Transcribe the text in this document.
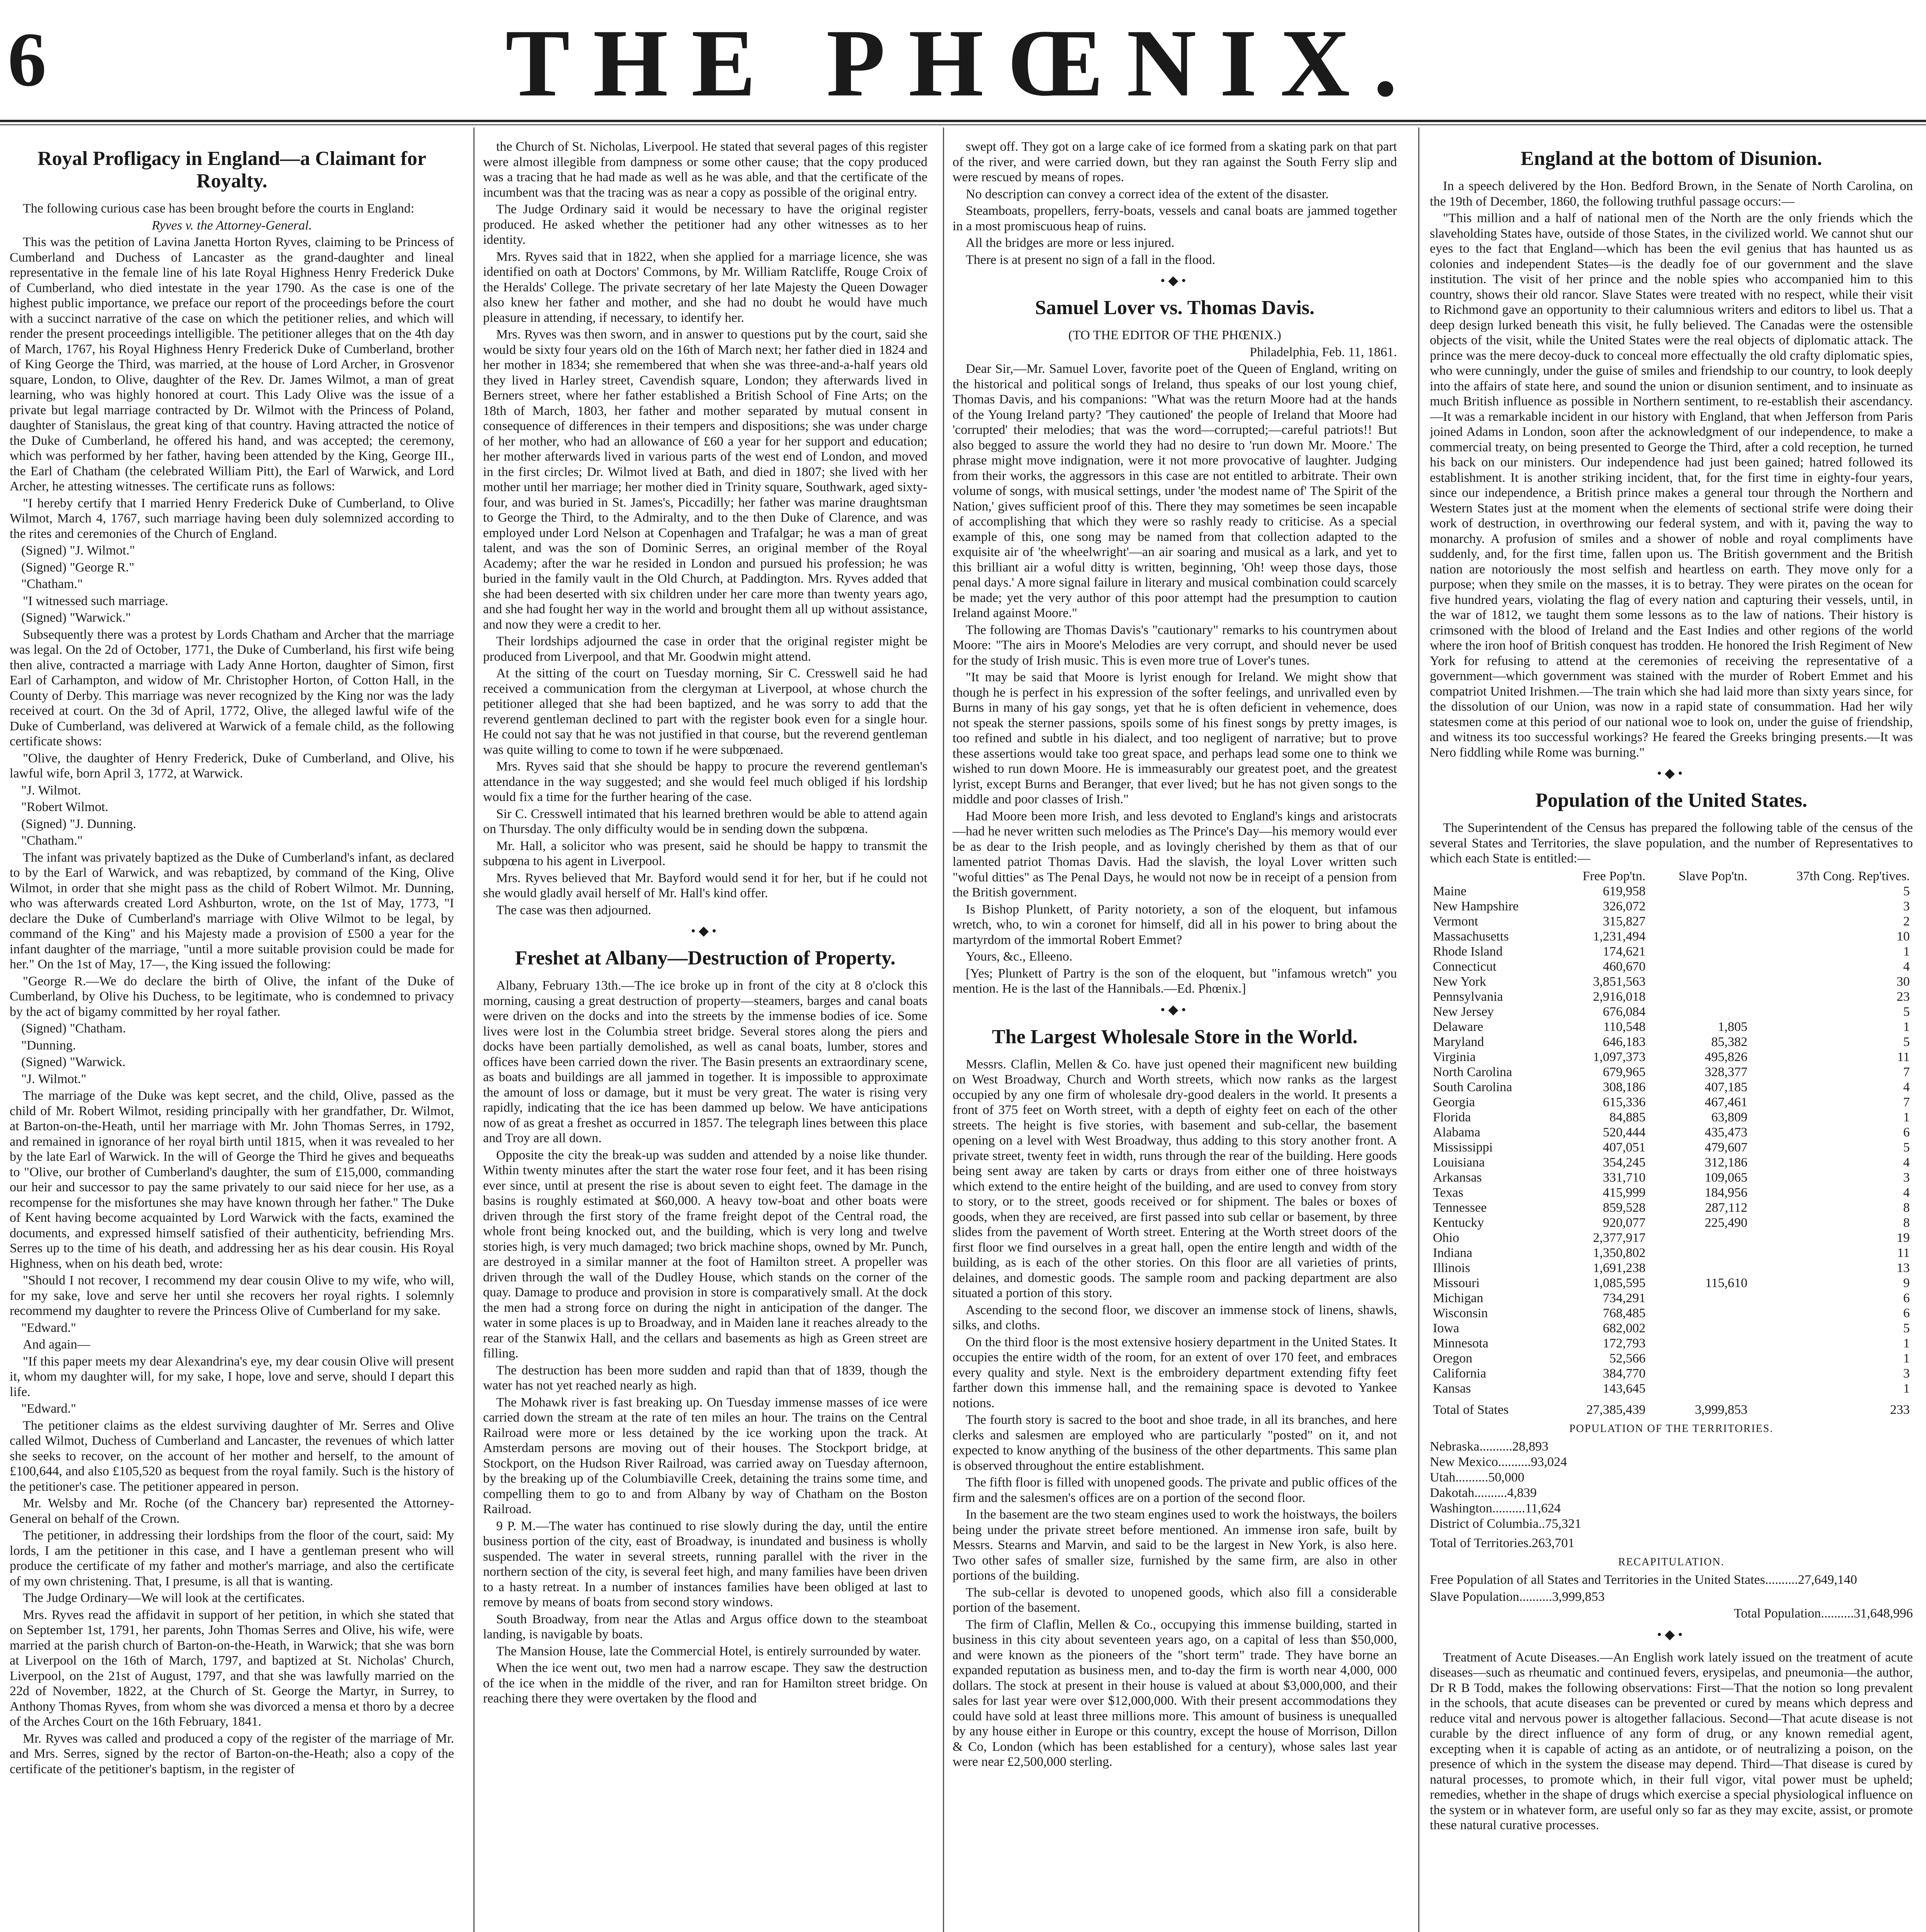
6	THE PHŒNIX.
Royal Profligacy in England—a Claimant for Royalty.

The following curious case has been brought before the courts in England:

Ryves v. the Attorney-General.

This was the petition of Lavina Janetta Horton Ryves, claiming to be Princess of Cumberland and Duchess of Lancaster as the grand-daughter and lineal representative in the female line of his late Royal Highness Henry Frederick Duke of Cumberland, who died intestate in the year 1790. As the case is one of the highest public importance, we preface our report of the proceedings before the court with a succinct narrative of the case on which the petitioner relies, and which will render the present proceedings intelligible. The petitioner alleges that on the 4th day of March, 1767, his Royal Highness Henry Frederick Duke of Cumberland, brother of King George the Third, was married, at the house of Lord Archer, in Grosvenor square, London, to Olive, daughter of the Rev. Dr. James Wilmot, a man of great learning, who was highly honored at court. This Lady Olive was the issue of a private but legal marriage contracted by Dr. Wilmot with the Princess of Poland, daughter of Stanislaus, the great king of that country. Having attracted the notice of the Duke of Cumberland, he offered his hand, and was accepted; the ceremony, which was performed by her father, having been attended by the King, George III., the Earl of Chatham (the celebrated William Pitt), the Earl of Warwick, and Lord Archer, he attesting witnesses. The certificate runs as follows:

"I hereby certify that I married Henry Frederick Duke of Cumberland, to Olive Wilmot, March 4, 1767, such marriage having been duly solemnized according to the rites and ceremonies of the Church of England.

(Signed) "J. Wilmot."

(Signed) "George R."

"Chatham."

"I witnessed such marriage.

(Signed) "Warwick."

Subsequently there was a protest by Lords Chatham and Archer that the marriage was legal. On the 2d of October, 1771, the Duke of Cumberland, his first wife being then alive, contracted a marriage with Lady Anne Horton, daughter of Simon, first Earl of Carhampton, and widow of Mr. Christopher Horton, of Cotton Hall, in the County of Derby. This marriage was never recognized by the King nor was the lady received at court. On the 3d of April, 1772, Olive, the alleged lawful wife of the Duke of Cumberland, was delivered at Warwick of a female child, as the following certificate shows:

"Olive, the daughter of Henry Frederick, Duke of Cumberland, and Olive, his lawful wife, born April 3, 1772, at Warwick.

"J. Wilmot.

"Robert Wilmot.

(Signed) "J. Dunning.

"Chatham."

The infant was privately baptized as the Duke of Cumberland's infant, as declared to by the Earl of Warwick, and was rebaptized, by command of the King, Olive Wilmot, in order that she might pass as the child of Robert Wilmot. Mr. Dunning, who was afterwards created Lord Ashburton, wrote, on the 1st of May, 1773, "I declare the Duke of Cumberland's marriage with Olive Wilmot to be legal, by command of the King" and his Majesty made a provision of £500 a year for the infant daughter of the marriage, "until a more suitable provision could be made for her." On the 1st of May, 17—, the King issued the following:

"George R.—We do declare the birth of Olive, the infant of the Duke of Cumberland, by Olive his Duchess, to be legitimate, who is condemned to privacy by the act of bigamy committed by her royal father.

(Signed) "Chatham.

"Dunning.

(Signed) "Warwick.

"J. Wilmot."

The marriage of the Duke was kept secret, and the child, Olive, passed as the child of Mr. Robert Wilmot, residing principally with her grandfather, Dr. Wilmot, at Barton-on-the-Heath, until her marriage with Mr. John Thomas Serres, in 1792, and remained in ignorance of her royal birth until 1815, when it was revealed to her by the late Earl of Warwick. In the will of George the Third he gives and bequeaths to "Olive, our brother of Cumberland's daughter, the sum of £15,000, commanding our heir and successor to pay the same privately to our said niece for her use, as a recompense for the misfortunes she may have known through her father." The Duke of Kent having become acquainted by Lord Warwick with the facts, examined the documents, and expressed himself satisfied of their authenticity, befriending Mrs. Serres up to the time of his death, and addressing her as his dear cousin. His Royal Highness, when on his death bed, wrote:

"Should I not recover, I recommend my dear cousin Olive to my wife, who will, for my sake, love and serve her until she recovers her royal rights. I solemnly recommend my daughter to revere the Princess Olive of Cumberland for my sake.

"Edward."

And again—

"If this paper meets my dear Alexandrina's eye, my dear cousin Olive will present it, whom my daughter will, for my sake, I hope, love and serve, should I depart this life.

"Edward."

The petitioner claims as the eldest surviving daughter of Mr. Serres and Olive called Wilmot, Duchess of Cumberland and Lancaster, the revenues of which latter she seeks to recover, on the account of her mother and herself, to the amount of £100,644, and also £105,520 as bequest from the royal family. Such is the history of the petitioner's case. The petitioner appeared in person.

Mr. Welsby and Mr. Roche (of the Chancery bar) represented the Attorney-General on behalf of the Crown.

The petitioner, in addressing their lordships from the floor of the court, said: My lords, I am the petitioner in this case, and I have a gentleman present who will produce the certificate of my father and mother's marriage, and also the certificate of my own christening. That, I presume, is all that is wanting.

The Judge Ordinary—We will look at the certificates.

Mrs. Ryves read the affidavit in support of her petition, in which she stated that on September 1st, 1791, her parents, John Thomas Serres and Olive, his wife, were married at the parish church of Barton-on-the-Heath, in Warwick; that she was born at Liverpool on the 16th of March, 1797, and baptized at St. Nicholas' Church, Liverpool, on the 21st of August, 1797, and that she was lawfully married on the 22d of November, 1822, at the Church of St. George the Martyr, in Surrey, to Anthony Thomas Ryves, from whom she was divorced a mensa et thoro by a decree of the Arches Court on the 16th February, 1841.

Mr. Ryves was called and produced a copy of the register of the marriage of Mr. and Mrs. Serres, signed by the rector of Barton-on-the-Heath; also a copy of the certificate of the petitioner's baptism, in the register of

the Church of St. Nicholas, Liverpool. He stated that several pages of this register were almost illegible from dampness or some other cause; that the copy produced was a tracing that he had made as well as he was able, and that the certificate of the incumbent was that the tracing was as near a copy as possible of the original entry.

The Judge Ordinary said it would be necessary to have the original register produced. He asked whether the petitioner had any other witnesses as to her identity.

Mrs. Ryves said that in 1822, when she applied for a marriage licence, she was identified on oath at Doctors' Commons, by Mr. William Ratcliffe, Rouge Croix of the Heralds' College. The private secretary of her late Majesty the Queen Dowager also knew her father and mother, and she had no doubt he would have much pleasure in attending, if necessary, to identify her.

Mrs. Ryves was then sworn, and in answer to questions put by the court, said she would be sixty four years old on the 16th of March next; her father died in 1824 and her mother in 1834; she remembered that when she was three-and-a-half years old they lived in Harley street, Cavendish square, London; they afterwards lived in Berners street, where her father established a British School of Fine Arts; on the 18th of March, 1803, her father and mother separated by mutual consent in consequence of differences in their tempers and dispositions; she was under charge of her mother, who had an allowance of £60 a year for her support and education; her mother afterwards lived in various parts of the west end of London, and moved in the first circles; Dr. Wilmot lived at Bath, and died in 1807; she lived with her mother until her marriage; her mother died in Trinity square, Southwark, aged sixty-four, and was buried in St. James's, Piccadilly; her father was marine draughtsman to George the Third, to the Admiralty, and to the then Duke of Clarence, and was employed under Lord Nelson at Copenhagen and Trafalgar; he was a man of great talent, and was the son of Dominic Serres, an original member of the Royal Academy; after the war he resided in London and pursued his profession; he was buried in the family vault in the Old Church, at Paddington. Mrs. Ryves added that she had been deserted with six children under her care more than twenty years ago, and she had fought her way in the world and brought them all up without assistance, and now they were a credit to her.

Their lordships adjourned the case in order that the original register might be produced from Liverpool, and that Mr. Goodwin might attend.

At the sitting of the court on Tuesday morning, Sir C. Cresswell said he had received a communication from the clergyman at Liverpool, at whose church the petitioner alleged that she had been baptized, and he was sorry to add that the reverend gentleman declined to part with the register book even for a single hour. He could not say that he was not justified in that course, but the reverend gentleman was quite willing to come to town if he were subpœnaed.

Mrs. Ryves said that she should be happy to procure the reverend gentleman's attendance in the way suggested; and she would feel much obliged if his lordship would fix a time for the further hearing of the case.

Sir C. Cresswell intimated that his learned brethren would be able to attend again on Thursday. The only difficulty would be in sending down the subpœna.

Mr. Hall, a solicitor who was present, said he should be happy to transmit the subpœna to his agent in Liverpool.

Mrs. Ryves believed that Mr. Bayford would send it for her, but if he could not she would gladly avail herself of Mr. Hall's kind offer.

The case was then adjourned.

•◆•
Freshet at Albany—Destruction of Property.

Albany, February 13th.—The ice broke up in front of the city at 8 o'clock this morning, causing a great destruction of property—steamers, barges and canal boats were driven on the docks and into the streets by the immense bodies of ice. Some lives were lost in the Columbia street bridge. Several stores along the piers and docks have been partially demolished, as well as canal boats, lumber, stores and offices have been carried down the river. The Basin presents an extraordinary scene, as boats and buildings are all jammed in together. It is impossible to approximate the amount of loss or damage, but it must be very great. The water is rising very rapidly, indicating that the ice has been dammed up below. We have anticipations now of as great a freshet as occurred in 1857. The telegraph lines between this place and Troy are all down.

Opposite the city the break-up was sudden and attended by a noise like thunder. Within twenty minutes after the start the water rose four feet, and it has been rising ever since, until at present the rise is about seven to eight feet. The damage in the basins is roughly estimated at $60,000. A heavy tow-boat and other boats were driven through the first story of the frame freight depot of the Central road, the whole front being knocked out, and the building, which is very long and twelve stories high, is very much damaged; two brick machine shops, owned by Mr. Punch, are destroyed in a similar manner at the foot of Hamilton street. A propeller was driven through the wall of the Dudley House, which stands on the corner of the quay. Damage to produce and provision in store is comparatively small. At the dock the men had a strong force on during the night in anticipation of the danger. The water in some places is up to Broadway, and in Maiden lane it reaches already to the rear of the Stanwix Hall, and the cellars and basements as high as Green street are filling.

The destruction has been more sudden and rapid than that of 1839, though the water has not yet reached nearly as high.

The Mohawk river is fast breaking up. On Tuesday immense masses of ice were carried down the stream at the rate of ten miles an hour. The trains on the Central Railroad were more or less detained by the ice working upon the track. At Amsterdam persons are moving out of their houses. The Stockport bridge, at Stockport, on the Hudson River Railroad, was carried away on Tuesday afternoon, by the breaking up of the Columbiaville Creek, detaining the trains some time, and compelling them to go to and from Albany by way of Chatham on the Boston Railroad.

9 P. M.—The water has continued to rise slowly during the day, until the entire business portion of the city, east of Broadway, is inundated and business is wholly suspended. The water in several streets, running parallel with the river in the northern section of the city, is several feet high, and many families have been driven to a hasty retreat. In a number of instances families have been obliged at last to remove by means of boats from second story windows.

South Broadway, from near the Atlas and Argus office down to the steamboat landing, is navigable by boats.

The Mansion House, late the Commercial Hotel, is entirely surrounded by water.

When the ice went out, two men had a narrow escape. They saw the destruction of the ice when in the middle of the river, and ran for Hamilton street bridge. On reaching there they were overtaken by the flood and

swept off. They got on a large cake of ice formed from a skating park on that part of the river, and were carried down, but they ran against the South Ferry slip and were rescued by means of ropes.

No description can convey a correct idea of the extent of the disaster.

Steamboats, propellers, ferry-boats, vessels and canal boats are jammed together in a most promiscuous heap of ruins.

All the bridges are more or less injured.

There is at present no sign of a fall in the flood.

•◆•
Samuel Lover vs. Thomas Davis.

(TO THE EDITOR OF THE PHŒNIX.)

Philadelphia, Feb. 11, 1861.

Dear Sir,—Mr. Samuel Lover, favorite poet of the Queen of England, writing on the historical and political songs of Ireland, thus speaks of our lost young chief, Thomas Davis, and his companions: "What was the return Moore had at the hands of the Young Ireland party? 'They cautioned' the people of Ireland that Moore had 'corrupted' their melodies; that was the word—corrupted;—careful patriots!! But also begged to assure the world they had no desire to 'run down Mr. Moore.' The phrase might move indignation, were it not more provocative of laughter. Judging from their works, the aggressors in this case are not entitled to arbitrate. Their own volume of songs, with musical settings, under 'the modest name of' The Spirit of the Nation,' gives sufficient proof of this. There they may sometimes be seen incapable of accomplishing that which they were so rashly ready to criticise. As a special example of this, one song may be named from that collection adapted to the exquisite air of 'the wheelwright'—an air soaring and musical as a lark, and yet to this brilliant air a woful ditty is written, beginning, 'Oh! weep those days, those penal days.' A more signal failure in literary and musical combination could scarcely be made; yet the very author of this poor attempt had the presumption to caution Ireland against Moore."

The following are Thomas Davis's "cautionary" remarks to his countrymen about Moore: "The airs in Moore's Melodies are very corrupt, and should never be used for the study of Irish music. This is even more true of Lover's tunes.

"It may be said that Moore is lyrist enough for Ireland. We might show that though he is perfect in his expression of the softer feelings, and unrivalled even by Burns in many of his gay songs, yet that he is often deficient in vehemence, does not speak the sterner passions, spoils some of his finest songs by pretty images, is too refined and subtle in his dialect, and too negligent of narrative; but to prove these assertions would take too great space, and perhaps lead some one to think we wished to run down Moore. He is immeasurably our greatest poet, and the greatest lyrist, except Burns and Beranger, that ever lived; but he has not given songs to the middle and poor classes of Irish."

Had Moore been more Irish, and less devoted to England's kings and aristocrats—had he never written such melodies as The Prince's Day—his memory would ever be as dear to the Irish people, and as lovingly cherished by them as that of our lamented patriot Thomas Davis. Had the slavish, the loyal Lover written such "woful ditties" as The Penal Days, he would not now be in receipt of a pension from the British government.

Is Bishop Plunkett, of Parity notoriety, a son of the eloquent, but infamous wretch, who, to win a coronet for himself, did all in his power to bring about the martyrdom of the immortal Robert Emmet?

Yours, &c., Elleeno.

[Yes; Plunkett of Partry is the son of the eloquent, but "infamous wretch" you mention. He is the last of the Hannibals.—Ed. Phœnix.]

•◆•
The Largest Wholesale Store in the World.

Messrs. Claflin, Mellen & Co. have just opened their magnificent new building on West Broadway, Church and Worth streets, which now ranks as the largest occupied by any one firm of wholesale dry-good dealers in the world. It presents a front of 375 feet on Worth street, with a depth of eighty feet on each of the other streets. The height is five stories, with basement and sub-cellar, the basement opening on a level with West Broadway, thus adding to this story another front. A private street, twenty feet in width, runs through the rear of the building. Here goods being sent away are taken by carts or drays from either one of three hoistways which extend to the entire height of the building, and are used to convey from story to story, or to the street, goods received or for shipment. The bales or boxes of goods, when they are received, are first passed into sub cellar or basement, by three slides from the pavement of Worth street. Entering at the Worth street doors of the first floor we find ourselves in a great hall, open the entire length and width of the building, as is each of the other stories. On this floor are all varieties of prints, delaines, and domestic goods. The sample room and packing department are also situated a portion of this story.

Ascending to the second floor, we discover an immense stock of linens, shawls, silks, and cloths.

On the third floor is the most extensive hosiery department in the United States. It occupies the entire width of the room, for an extent of over 170 feet, and embraces every quality and style. Next is the embroidery department extending fifty feet farther down this immense hall, and the remaining space is devoted to Yankee notions.

The fourth story is sacred to the boot and shoe trade, in all its branches, and here clerks and salesmen are employed who are particularly "posted" on it, and not expected to know anything of the business of the other departments. This same plan is observed throughout the entire establishment.

The fifth floor is filled with unopened goods. The private and public offices of the firm and the salesmen's offices are on a portion of the second floor.

In the basement are the two steam engines used to work the hoistways, the boilers being under the private street before mentioned. An immense iron safe, built by Messrs. Stearns and Marvin, and said to be the largest in New York, is also here. Two other safes of smaller size, furnished by the same firm, are also in other portions of the building.

The sub-cellar is devoted to unopened goods, which also fill a considerable portion of the basement.

The firm of Claflin, Mellen & Co., occupying this immense building, started in business in this city about seventeen years ago, on a capital of less than $50,000, and were known as the pioneers of the "short term" trade. They have borne an expanded reputation as business men, and to-day the firm is worth near 4,000, 000 dollars. The stock at present in their house is valued at about $3,000,000, and their sales for last year were over $12,000,000. With their present accommodations they could have sold at least three millions more. This amount of business is unequalled by any house either in Europe or this country, except the house of Morrison, Dillon & Co, London (which has been established for a century), whose sales last year were near £2,500,000 sterling.

England at the bottom of Disunion.

In a speech delivered by the Hon. Bedford Brown, in the Senate of North Carolina, on the 19th of December, 1860, the following truthful passage occurs:—

"This million and a half of national men of the North are the only friends which the slaveholding States have, outside of those States, in the civilized world. We cannot shut our eyes to the fact that England—which has been the evil genius that has haunted us as colonies and independent States—is the deadly foe of our government and the slave institution. The visit of her prince and the noble spies who accompanied him to this country, shows their old rancor. Slave States were treated with no respect, while their visit to Richmond gave an opportunity to their calumnious writers and editors to libel us. That a deep design lurked beneath this visit, he fully believed. The Canadas were the ostensible objects of the visit, while the United States were the real objects of diplomatic attack. The prince was the mere decoy-duck to conceal more effectually the old crafty diplomatic spies, who were cunningly, under the guise of smiles and friendship to our country, to look deeply into the affairs of state here, and sound the union or disunion sentiment, and to insinuate as much British influence as possible in Northern sentiment, to re-establish their ascendancy.—It was a remarkable incident in our history with England, that when Jefferson from Paris joined Adams in London, soon after the acknowledgment of our independence, to make a commercial treaty, on being presented to George the Third, after a cold reception, he turned his back on our ministers. Our independence had just been gained; hatred followed its establishment. It is another striking incident, that, for the first time in eighty-four years, since our independence, a British prince makes a general tour through the Northern and Western States just at the moment when the elements of sectional strife were doing their work of destruction, in overthrowing our federal system, and with it, paving the way to monarchy. A profusion of smiles and a shower of noble and royal compliments have suddenly, and, for the first time, fallen upon us. The British government and the British nation are notoriously the most selfish and heartless on earth. They move only for a purpose; when they smile on the masses, it is to betray. They were pirates on the ocean for five hundred years, violating the flag of every nation and capturing their vessels, until, in the war of 1812, we taught them some lessons as to the law of nations. Their history is crimsoned with the blood of Ireland and the East Indies and other regions of the world where the iron hoof of British conquest has trodden. He honored the Irish Regiment of New York for refusing to attend at the ceremonies of receiving the representative of a government—which government was stained with the murder of Robert Emmet and his compatriot United Irishmen.—The train which she had laid more than sixty years since, for the dissolution of our Union, was now in a rapid state of consummation. Had her wily statesmen come at this period of our national woe to look on, under the guise of friendship, and witness its too successful workings? He feared the Greeks bringing presents.—It was Nero fiddling while Rome was burning."

•◆•
Population of the United States.

The Superintendent of the Census has prepared the following table of the census of the several States and Territories, the slave population, and the number of Representatives to which each State is entitled:—

	Free Pop'tn.	Slave Pop'tn.	37th Cong. Rep'tives.
Maine	619,958		5
New Hampshire	326,072		3
Vermont	315,827		2
Massachusetts	1,231,494		10
Rhode Island	174,621		1
Connecticut	460,670		4
New York	3,851,563		30
Pennsylvania	2,916,018		23
New Jersey	676,084		5
Delaware	110,548	1,805	1
Maryland	646,183	85,382	5
Virginia	1,097,373	495,826	11
North Carolina	679,965	328,377	7
South Carolina	308,186	407,185	4
Georgia	615,336	467,461	7
Florida	84,885	63,809	1
Alabama	520,444	435,473	6
Mississippi	407,051	479,607	5
Louisiana	354,245	312,186	4
Arkansas	331,710	109,065	3
Texas	415,999	184,956	4
Tennessee	859,528	287,112	8
Kentucky	920,077	225,490	8
Ohio	2,377,917		19
Indiana	1,350,802		11
Illinois	1,691,238		13
Missouri	1,085,595	115,610	9
Michigan	734,291		6
Wisconsin	768,485		6
Iowa	682,002		5
Minnesota	172,793		1
Oregon	52,566		1
California	384,770		3
Kansas	143,645		1
Total of States	27,385,439	3,999,853	233
POPULATION OF THE TERRITORIES.
Nebraska..........28,893
New Mexico..........93,024
Utah..........50,000
Dakotah..........4,839
Washington..........11,624
District of Columbia..75,321

Total of Territories.263,701

RECAPITULATION.

Free Population of all States and Territories in the United States..........27,649,140

Slave Population..........3,999,853

Total Population..........31,648,996

•◆•

Treatment of Acute Diseases.—An English work lately issued on the treatment of acute diseases—such as rheumatic and continued fevers, erysipelas, and pneumonia—the author, Dr R B Todd, makes the following observations: First—That the notion so long prevalent in the schools, that acute diseases can be prevented or cured by means which depress and reduce vital and nervous power is altogether fallacious. Second—That acute disease is not curable by the direct influence of any form of drug, or any known remedial agent, excepting when it is capable of acting as an antidote, or of neutralizing a poison, on the presence of which in the system the disease may depend. Third—That disease is cured by natural processes, to promote which, in their full vigor, vital power must be upheld; remedies, whether in the shape of drugs which exercise a special physiological influence on the system or in whatever form, are useful only so far as they may excite, assist, or promote these natural curative processes.
